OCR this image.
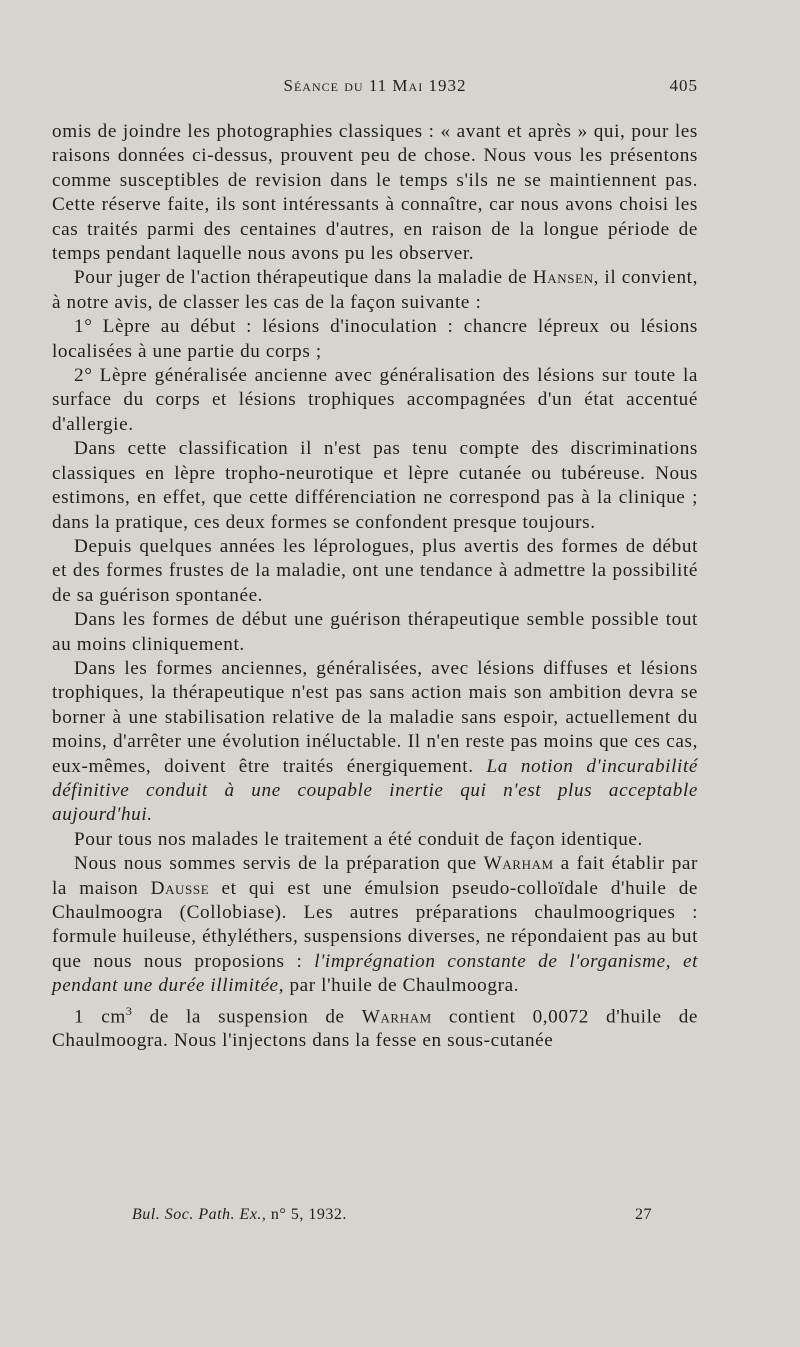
Séance du 11 Mai 1932	405

omis de joindre les photographies classiques : « avant et après » qui, pour les raisons données ci-dessus, prouvent peu de chose. Nous vous les présentons comme susceptibles de revision dans le temps s'ils ne se maintiennent pas. Cette réserve faite, ils sont intéressants à connaître, car nous avons choisi les cas traités parmi des centaines d'autres, en raison de la longue période de temps pendant laquelle nous avons pu les observer.

Pour juger de l'action thérapeutique dans la maladie de Hansen, il convient, à notre avis, de classer les cas de la façon suivante :

1° Lèpre au début : lésions d'inoculation : chancre lépreux ou lésions localisées à une partie du corps ;

2° Lèpre généralisée ancienne avec généralisation des lésions sur toute la surface du corps et lésions trophiques accompagnées d'un état accentué d'allergie.

Dans cette classification il n'est pas tenu compte des discriminations classiques en lèpre tropho-neurotique et lèpre cutanée ou tubéreuse. Nous estimons, en effet, que cette différenciation ne correspond pas à la clinique ; dans la pratique, ces deux formes se confondent presque toujours.

Depuis quelques années les léprologues, plus avertis des formes de début et des formes frustes de la maladie, ont une tendance à admettre la possibilité de sa guérison spontanée.

Dans les formes de début une guérison thérapeutique semble possible tout au moins cliniquement.

Dans les formes anciennes, généralisées, avec lésions diffuses et lésions trophiques, la thérapeutique n'est pas sans action mais son ambition devra se borner à une stabilisation relative de la maladie sans espoir, actuellement du moins, d'arrêter une évolution inéluctable. Il n'en reste pas moins que ces cas, eux-mêmes, doivent être traités énergiquement. La notion d'incurabilité définitive conduit à une coupable inertie qui n'est plus acceptable aujourd'hui.

Pour tous nos malades le traitement a été conduit de façon identique.

Nous nous sommes servis de la préparation que Warham a fait établir par la maison Dausse et qui est une émulsion pseudo-colloïdale d'huile de Chaulmoogra (Collobiase). Les autres préparations chaulmoogriques : formule huileuse, éthyléthers, suspensions diverses, ne répondaient pas au but que nous nous proposions : l'imprégnation constante de l'organisme, et pendant une durée illimitée, par l'huile de Chaulmoogra.

1 $cm^3$ de la suspension de Warham contient 0,0072 d'huile de Chaulmoogra. Nous l'injectons dans la fesse en sous-cutanée

Bul. Soc. Path. Ex., n° 5, 1932.	27
